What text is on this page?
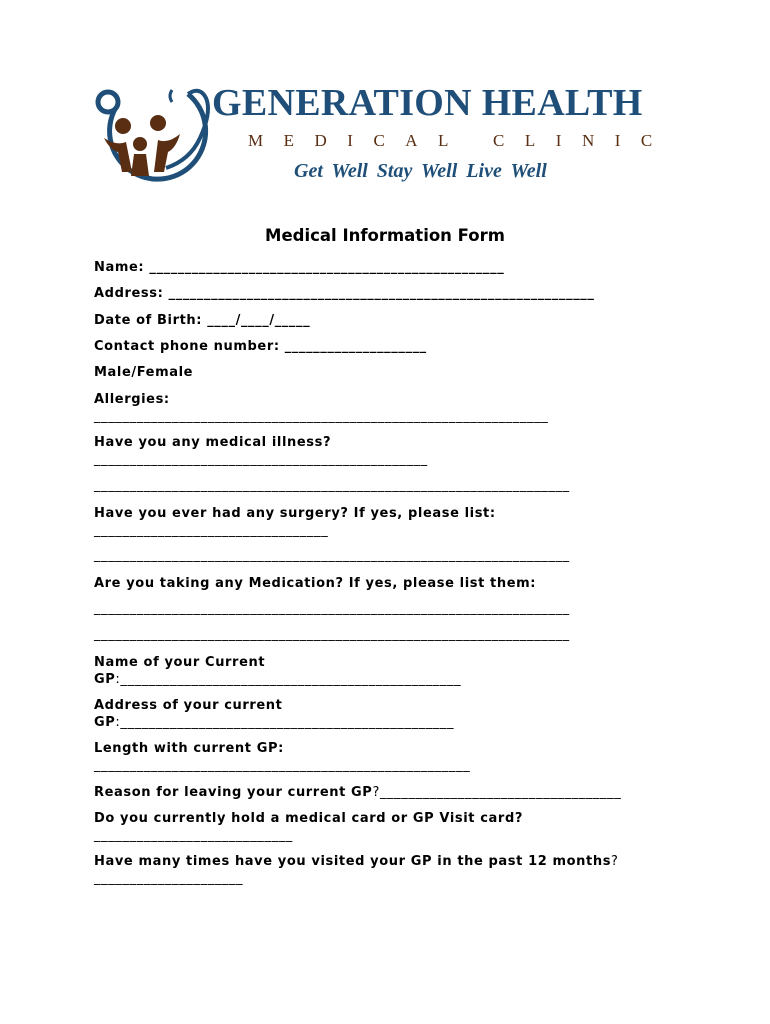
GENERATION HEALTH
MEDICAL CLINIC
Get Well Stay Well Live Well
Medical Information Form
Name: __________________________________________________
Address: ____________________________________________________________
Date of Birth: ____/____/_____
Contact phone number: ____________________
Male/Female
Allergies:
________________________________________________________________
Have you any medical illness?
_______________________________________________
___________________________________________________________________
Have you ever had any surgery? If yes, please list:
_________________________________
___________________________________________________________________
Are you taking any Medication? If yes, please list them:
___________________________________________________________________
___________________________________________________________________
Name of your Current
GP:________________________________________________
Address of your current
GP:_______________________________________________
Length with current GP:
_____________________________________________________
Reason for leaving your current GP?__________________________________
Do you currently hold a medical card or GP Visit card?
____________________________
Have many times have you visited your GP in the past 12 months?
_____________________
